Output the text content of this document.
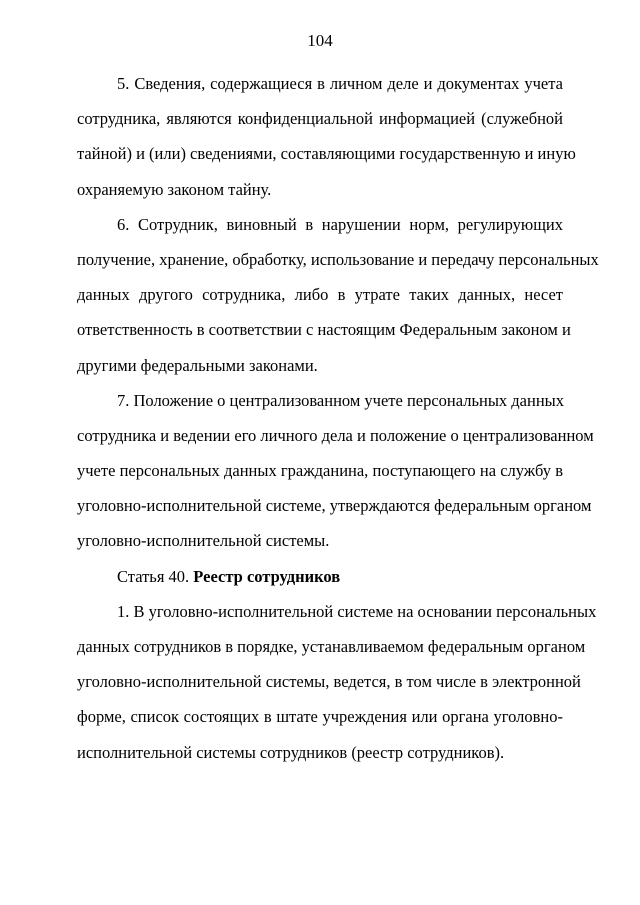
104
5. Сведения, содержащиеся в личном деле и документах учета
сотрудника, являются конфиденциальной информацией (служебной
тайной) и (или) сведениями, составляющими государственную и иную
охраняемую законом тайну.
6. Сотрудник, виновный в нарушении норм, регулирующих
получение, хранение, обработку, использование и передачу персональных
данных другого сотрудника, либо в утрате таких данных, несет
ответственность в соответствии с настоящим Федеральным законом и
другими федеральными законами.
7. Положение о централизованном учете персональных данных
сотрудника и ведении его личного дела и положение о централизованном
учете персональных данных гражданина, поступающего на службу в
уголовно-исполнительной системе, утверждаются федеральным органом
уголовно-исполнительной системы.
Статья 40. Реестр сотрудников
1. В уголовно-исполнительной системе на основании персональных
данных сотрудников в порядке, устанавливаемом федеральным органом
уголовно-исполнительной системы, ведется, в том числе в электронной
форме, список состоящих в штате учреждения или органа уголовно-
исполнительной системы сотрудников (реестр сотрудников).
